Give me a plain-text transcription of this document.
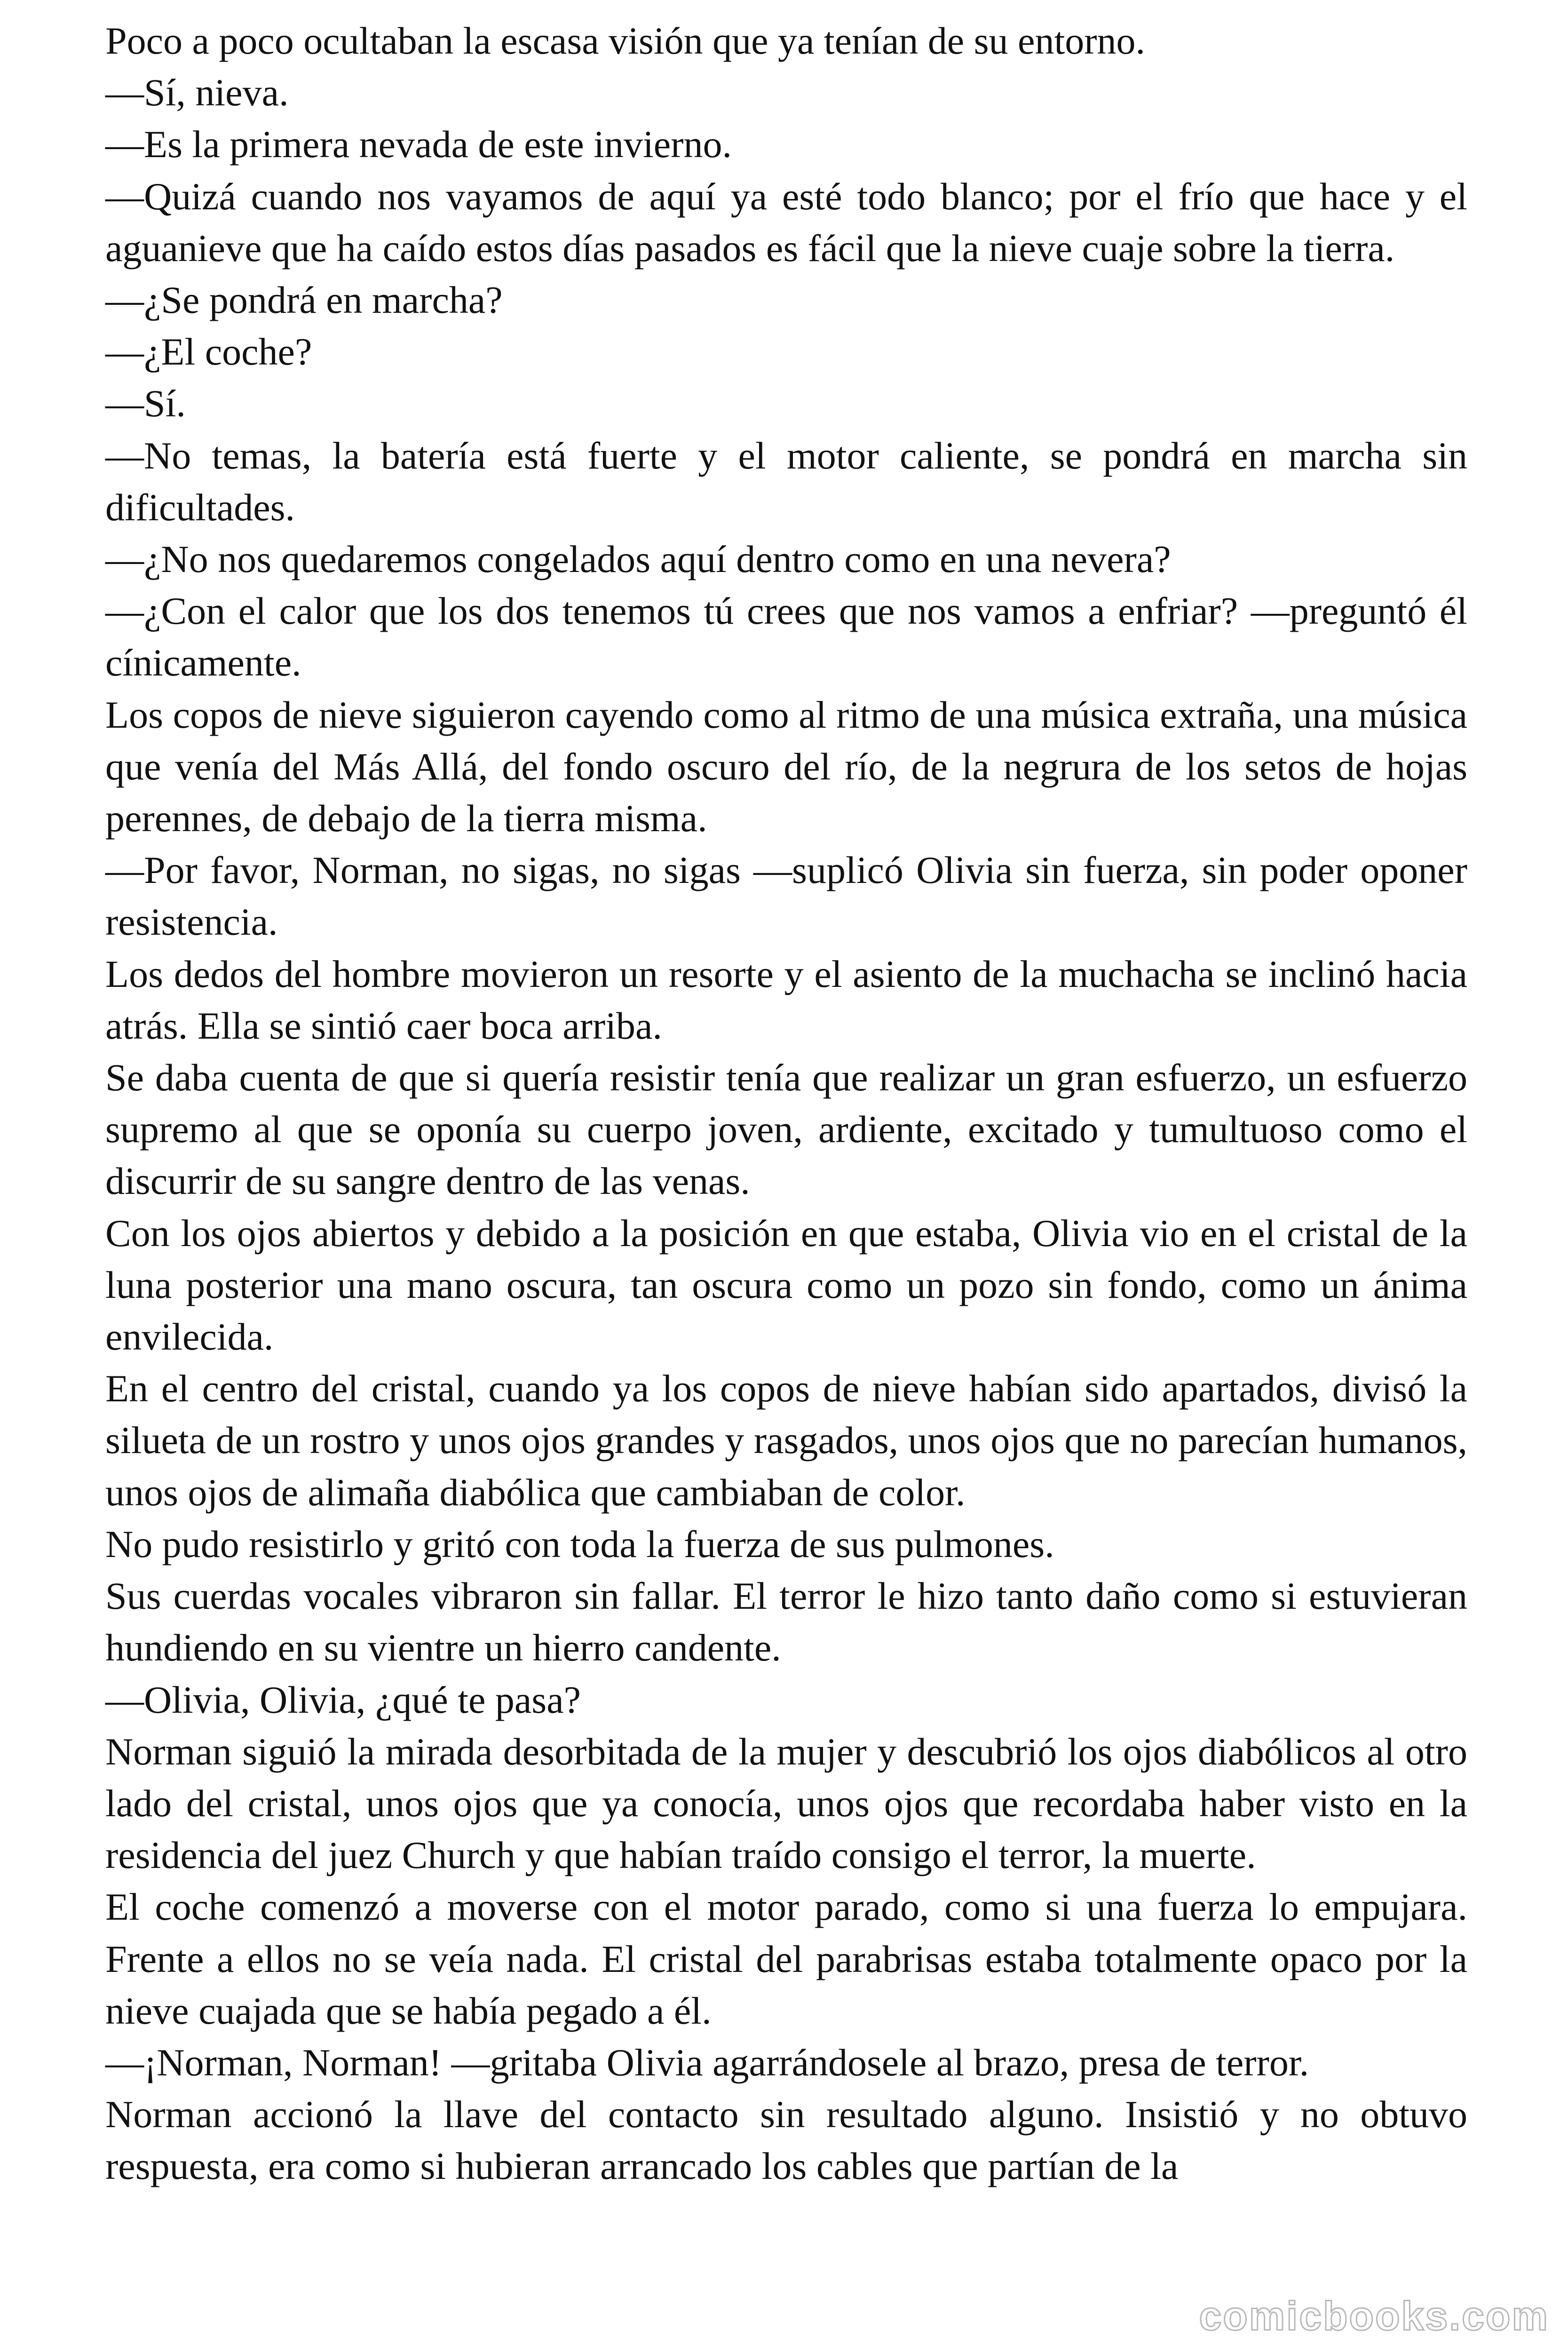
Poco a poco ocultaban la escasa visión que ya tenían de su entorno.

—Sí, nieva.

—Es la primera nevada de este invierno.

—Quizá cuando nos vayamos de aquí ya esté todo blanco; por el frío que hace y el aguanieve que ha caído estos días pasados es fácil que la nieve cuaje sobre la tierra.

—¿Se pondrá en marcha?

—¿El coche?

—Sí.

—No temas, la batería está fuerte y el motor caliente, se pondrá en marcha sin dificultades.

—¿No nos quedaremos congelados aquí dentro como en una nevera?

—¿Con el calor que los dos tenemos tú crees que nos vamos a enfriar? —preguntó él cínicamente.

Los copos de nieve siguieron cayendo como al ritmo de una música extraña, una música que venía del Más Allá, del fondo oscuro del río, de la negrura de los setos de hojas perennes, de debajo de la tierra misma.

—Por favor, Norman, no sigas, no sigas —suplicó Olivia sin fuerza, sin poder oponer resistencia.

Los dedos del hombre movieron un resorte y el asiento de la muchacha se inclinó hacia atrás. Ella se sintió caer boca arriba.

Se daba cuenta de que si quería resistir tenía que realizar un gran esfuerzo, un esfuerzo supremo al que se oponía su cuerpo joven, ardiente, excitado y tumultuoso como el discurrir de su sangre dentro de las venas.

Con los ojos abiertos y debido a la posición en que estaba, Olivia vio en el cristal de la luna posterior una mano oscura, tan oscura como un pozo sin fondo, como un ánima envilecida.

En el centro del cristal, cuando ya los copos de nieve habían sido apartados, divisó la silueta de un rostro y unos ojos grandes y rasgados, unos ojos que no parecían humanos, unos ojos de alimaña diabólica que cambiaban de color.

No pudo resistirlo y gritó con toda la fuerza de sus pulmones.

Sus cuerdas vocales vibraron sin fallar. El terror le hizo tanto daño como si estuvieran hundiendo en su vientre un hierro candente.

—Olivia, Olivia, ¿qué te pasa?

Norman siguió la mirada desorbitada de la mujer y descubrió los ojos diabólicos al otro lado del cristal, unos ojos que ya conocía, unos ojos que recordaba haber visto en la residencia del juez Church y que habían traído consigo el terror, la muerte.

El coche comenzó a moverse con el motor parado, como si una fuerza lo empujara. Frente a ellos no se veía nada. El cristal del parabrisas estaba totalmente opaco por la nieve cuajada que se había pegado a él.

—¡Norman, Norman! —gritaba Olivia agarrándosele al brazo, presa de terror.

Norman accionó la llave del contacto sin resultado alguno. Insistió y no obtuvo respuesta, era como si hubieran arrancado los cables que partían de la

comicbooks.com
